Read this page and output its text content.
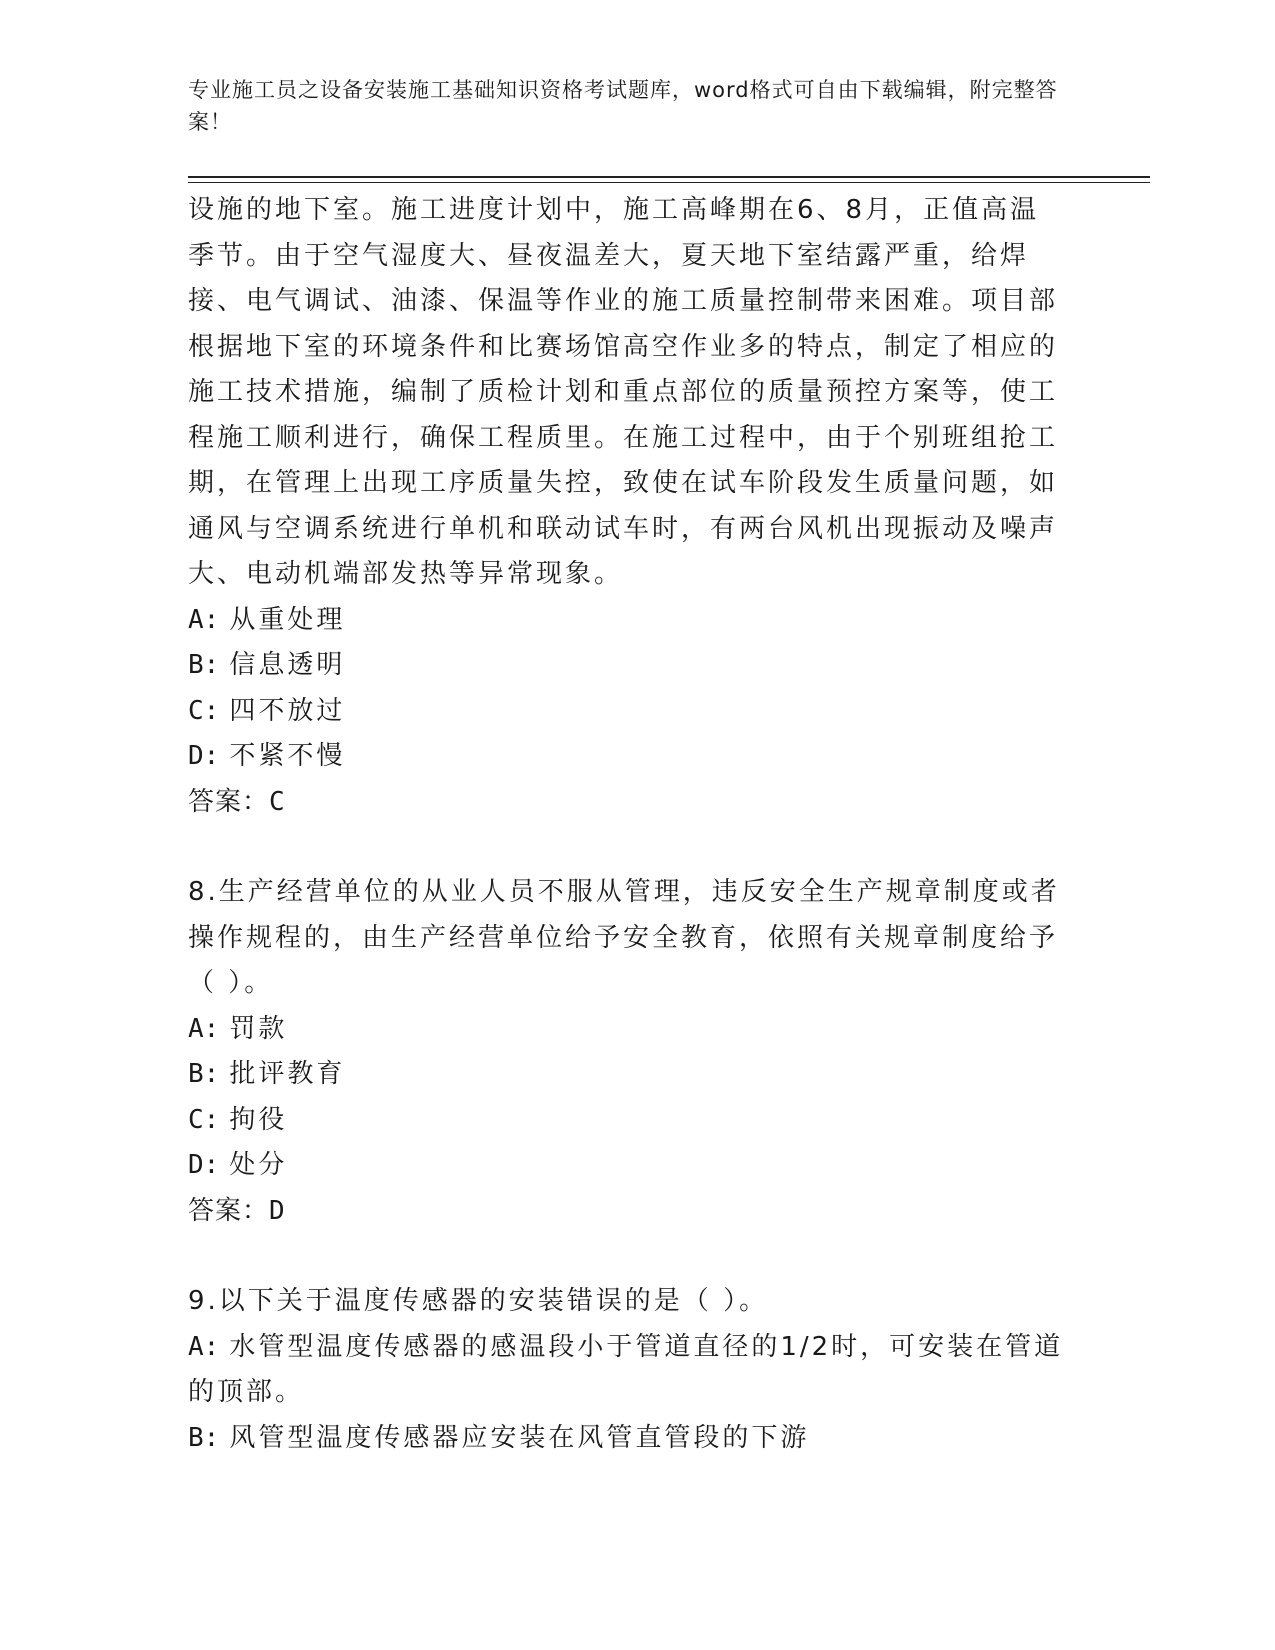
专业施工员之设备安装施工基础知识资格考试题库，word格式可自由下载编辑，附完整答案！

设施的地下室。施工进度计划中，施工高峰期在6、8月，正值高温季节。由于空气湿度大、昼夜温差大，夏天地下室结露严重，给焊接、电气调试、油漆、保温等作业的施工质量控制带来困难。项目部根据地下室的环境条件和比赛场馆高空作业多的特点，制定了相应的施工技术措施，编制了质检计划和重点部位的质量预控方案等，使工程施工顺利进行，确保工程质里。在施工过程中，由于个别班组抢工期，在管理上出现工序质量失控，致使在试车阶段发生质量问题，如通风与空调系统进行单机和联动试车时，有两台风机出现振动及噪声大、电动机端部发热等异常现象。

A: 从重处理

B: 信息透明

C: 四不放过

D: 不紧不慢

答案：C

8.生产经营单位的从业人员不服从管理，违反安全生产规章制度或者操作规程的，由生产经营单位给予安全教育，依照有关规章制度给予（ ）。

A: 罚款

B: 批评教育

C: 拘役

D: 处分

答案：D

9.以下关于温度传感器的安装错误的是（ ）。

A: 水管型温度传感器的感温段小于管道直径的1/2时，可安装在管道的顶部。

B: 风管型温度传感器应安装在风管直管段的下游
